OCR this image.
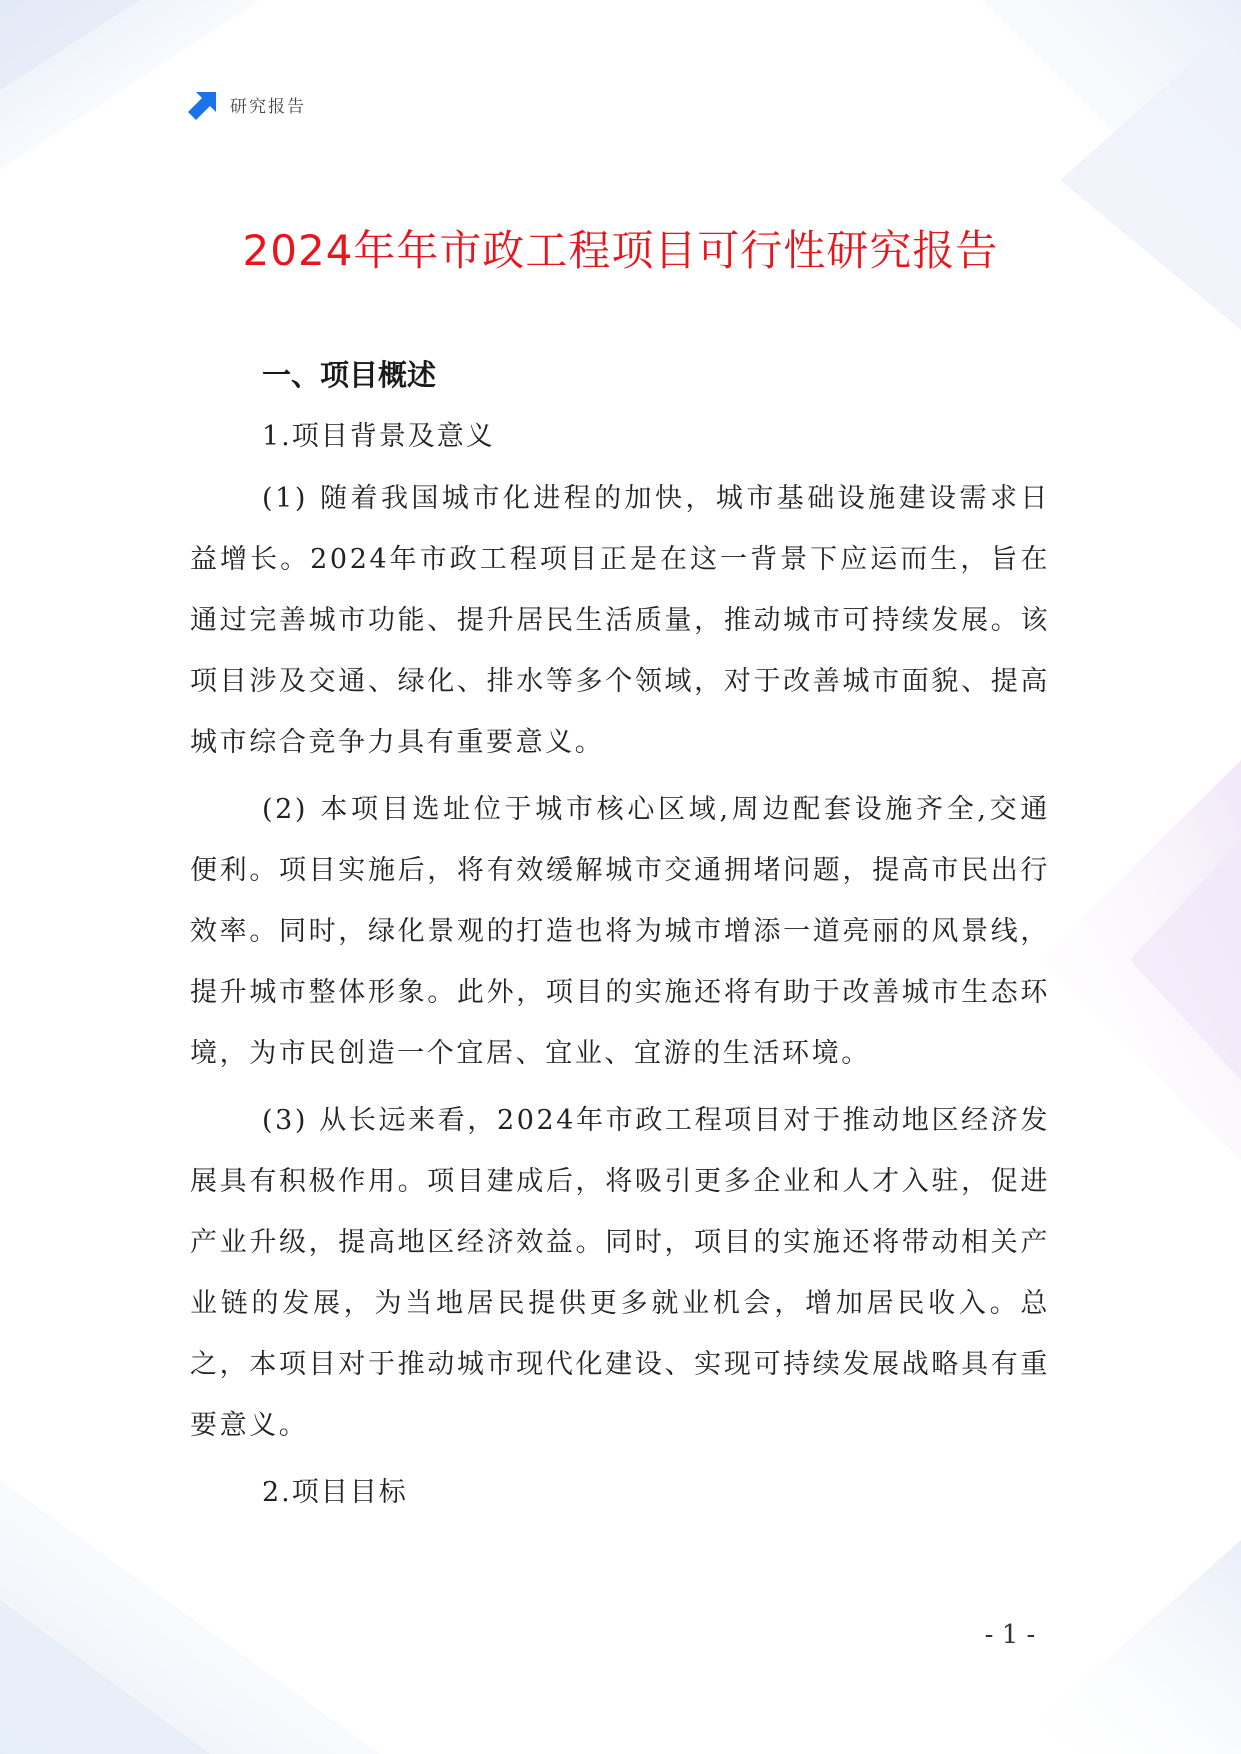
研究报告
2024年年市政工程项目可行性研究报告
一、项目概述
1.项目背景及意义

(1) 随着我国城市化进程的加快，城市基础设施建设需求日益增长。2024年市政工程项目正是在这一背景下应运而生，旨在通过完善城市功能、提升居民生活质量，推动城市可持续发展。该项目涉及交通、绿化、排水等多个领域，对于改善城市面貌、提高城市综合竞争力具有重要意义。

(2) 本项目选址位于城市核心区域,周边配套设施齐全,交通便利。项目实施后，将有效缓解城市交通拥堵问题，提高市民出行效率。同时，绿化景观的打造也将为城市增添一道亮丽的风景线，提升城市整体形象。此外，项目的实施还将有助于改善城市生态环境，为市民创造一个宜居、宜业、宜游的生活环境。

(3) 从长远来看，2024年市政工程项目对于推动地区经济发展具有积极作用。项目建成后，将吸引更多企业和人才入驻，促进产业升级，提高地区经济效益。同时，项目的实施还将带动相关产业链的发展，为当地居民提供更多就业机会，增加居民收入。总之，本项目对于推动城市现代化建设、实现可持续发展战略具有重要意义。

2.项目目标
- 1 -
